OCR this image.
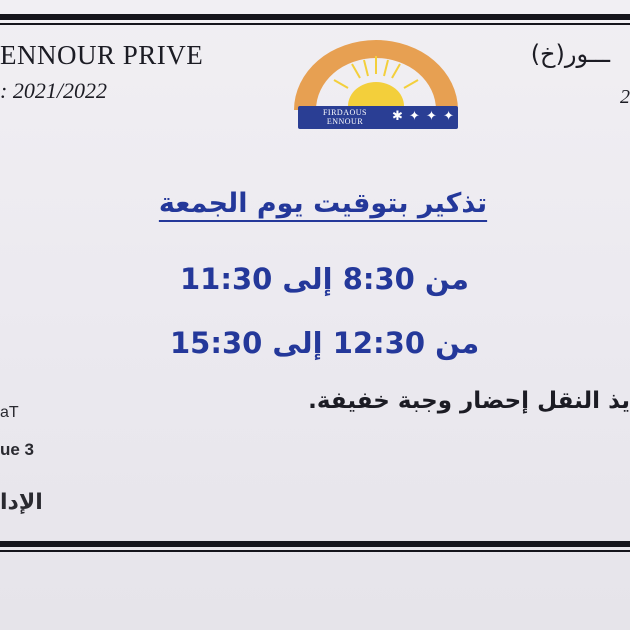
ENNOUR PRIVE
: 2021/2022
ـــور(خ)
2
FIRDAOUS
ENNOUR	✱ ✦ ✦ ✦
تذكير بتوقيت يوم الجمعة
من 8:30 إلى 11:30
من 12:30 إلى 15:30
يذ النقل إحضار وجبة خفيفة.
aT
ue 3
الإدا
